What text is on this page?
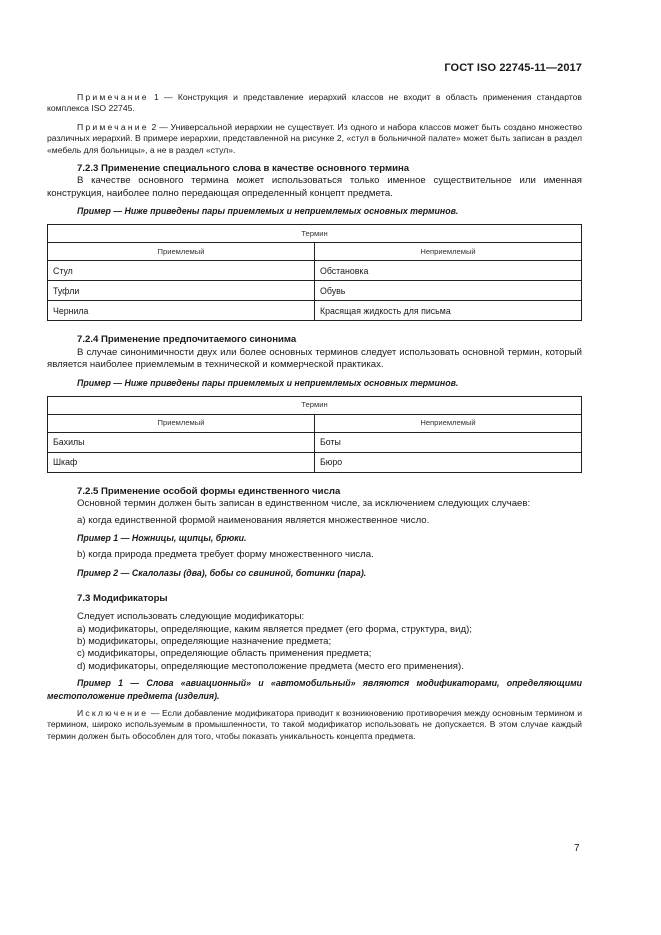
ГОСТ ISO 22745-11—2017

Примечание 1 — Конструкция и представление иерархий классов не входит в область применения стандартов комплекса ISO 22745.

Примечание 2 — Универсальной иерархии не существует. Из одного и набора классов может быть создано множество различных иерархий. В примере иерархии, представленной на рисунке 2, «стул в больничной палате» может быть записан в раздел «мебель для больницы», а не в раздел «стул».

7.2.3 Применение специального слова в качестве основного термина

В качестве основного термина может использоваться только именное существительное или именная конструкция, наиболее полно передающая определенный концепт предмета.

Пример — Ниже приведены пары приемлемых и неприемлемых основных терминов.

Термин	
Приемлемый	Неприемлемый
Стул	Обстановка
Туфли	Обувь
Чернила	Красящая жидкость для письма

7.2.4 Применение предпочитаемого синонима

В случае синонимичности двух или более основных терминов следует использовать основной термин, который является наиболее приемлемым в технической и коммерческой практиках.

Пример — Ниже приведены пары приемлемых и неприемлемых основных терминов.

Термин	
Приемлемый	Неприемлемый
Бахилы	Боты
Шкаф	Бюро

7.2.5 Применение особой формы единственного числа

Основной термин должен быть записан в единственном числе, за исключением следующих случаев:

а) когда единственной формой наименования является множественное число.

Пример 1 — Ножницы, щипцы, брюки.

b) когда природа предмета требует форму множественного числа.

Пример 2 — Скалолазы (два), бобы со свининой, ботинки (пара).

7.3 Модификаторы

Следует использовать следующие модификаторы:

а) модификаторы, определяющие, каким является предмет (его форма, структура, вид);

b) модификаторы, определяющие назначение предмета;

с) модификаторы, определяющие область применения предмета;

d) модификаторы, определяющие местоположение предмета (место его применения).

Пример 1 — Слова «авиационный» и «автомобильный» являются модификаторами, определяющими местоположение предмета (изделия).

Исключение — Если добавление модификатора приводит к возникновению противоречия между основным термином и термином, широко используемым в промышленности, то такой модификатор использовать не допускается. В этом случае каждый термин должен быть обособлен для того, чтобы показать уникальность концепта предмета.

7
